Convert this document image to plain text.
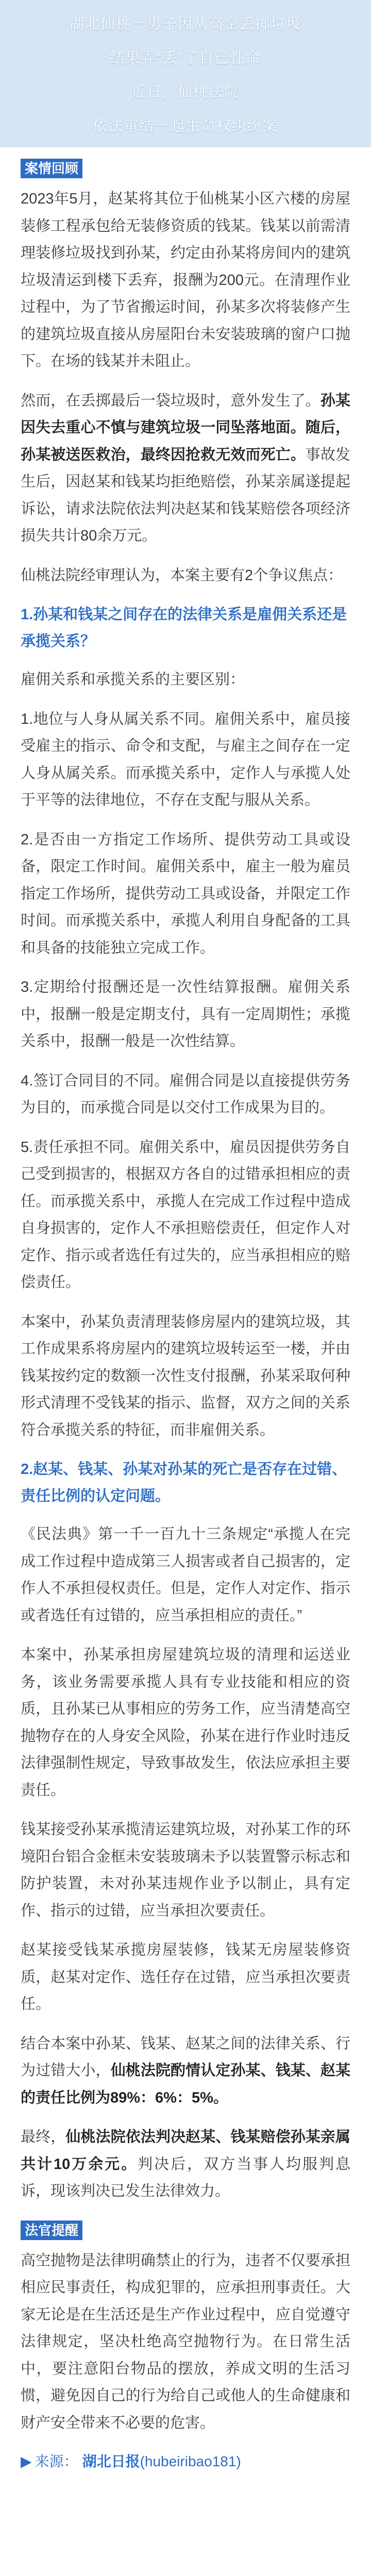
湖北仙桃一男子因从高空丢掷垃圾
结果弄“丢”了自己性命
近日，仙桃法院
依法审结一起生命权纠纷案
案情回顾

2023年5月，赵某将其位于仙桃某小区六楼的房屋装修工程承包给无装修资质的钱某。钱某以前需清理装修垃圾找到孙某，约定由孙某将房间内的建筑垃圾清运到楼下丢弃，报酬为200元。在清理作业过程中，为了节省搬运时间，孙某多次将装修产生的建筑垃圾直接从房屋阳台未安装玻璃的窗户口抛下。在场的钱某并未阻止。

然而，在丢掷最后一袋垃圾时，意外发生了。孙某因失去重心不慎与建筑垃圾一同坠落地面。随后，孙某被送医救治，最终因抢救无效而死亡。事故发生后，因赵某和钱某均拒绝赔偿，孙某亲属遂提起诉讼，请求法院依法判决赵某和钱某赔偿各项经济损失共计80余万元。

仙桃法院经审理认为，本案主要有2个争议焦点：

1.孙某和钱某之间存在的法律关系是雇佣关系还是承揽关系？

雇佣关系和承揽关系的主要区别：

1.地位与人身从属关系不同。雇佣关系中，雇员接受雇主的指示、命令和支配，与雇主之间存在一定人身从属关系。而承揽关系中，定作人与承揽人处于平等的法律地位，不存在支配与服从关系。

2.是否由一方指定工作场所、提供劳动工具或设备，限定工作时间。雇佣关系中，雇主一般为雇员指定工作场所，提供劳动工具或设备，并限定工作时间。而承揽关系中，承揽人利用自身配备的工具和具备的技能独立完成工作。

3.定期给付报酬还是一次性结算报酬。雇佣关系中，报酬一般是定期支付，具有一定周期性；承揽关系中，报酬一般是一次性结算。

4.签订合同目的不同。雇佣合同是以直接提供劳务为目的，而承揽合同是以交付工作成果为目的。

5.责任承担不同。雇佣关系中，雇员因提供劳务自己受到损害的，根据双方各自的过错承担相应的责任。而承揽关系中，承揽人在完成工作过程中造成自身损害的，定作人不承担赔偿责任，但定作人对定作、指示或者选任有过失的，应当承担相应的赔偿责任。

本案中，孙某负责清理装修房屋内的建筑垃圾，其工作成果系将房屋内的建筑垃圾转运至一楼，并由钱某按约定的数额一次性支付报酬，孙某采取何种形式清理不受钱某的指示、监督，双方之间的关系符合承揽关系的特征，而非雇佣关系。

2.赵某、钱某、孙某对孙某的死亡是否存在过错、责任比例的认定问题。

《民法典》第一千一百九十三条规定“承揽人在完成工作过程中造成第三人损害或者自己损害的，定作人不承担侵权责任。但是，定作人对定作、指示或者选任有过错的，应当承担相应的责任。”

本案中，孙某承担房屋建筑垃圾的清理和运送业务，该业务需要承揽人具有专业技能和相应的资质，且孙某已从事相应的劳务工作，应当清楚高空抛物存在的人身安全风险，孙某在进行作业时违反法律强制性规定，导致事故发生，依法应承担主要责任。

钱某接受孙某承揽清运建筑垃圾，对孙某工作的环境阳台铝合金框未安装玻璃未予以装置警示标志和防护装置，未对孙某违规作业予以制止，具有定作、指示的过错，应当承担次要责任。

赵某接受钱某承揽房屋装修，钱某无房屋装修资质，赵某对定作、选任存在过错，应当承担次要责任。

结合本案中孙某、钱某、赵某之间的法律关系、行为过错大小，仙桃法院酌情认定孙某、钱某、赵某的责任比例为89%：6%：5%。

最终，仙桃法院依法判决赵某、钱某赔偿孙某亲属共计10万余元。判决后，双方当事人均服判息诉，现该判决已发生法律效力。

法官提醒

高空抛物是法律明确禁止的行为，违者不仅要承担相应民事责任，构成犯罪的，应承担刑事责任。大家无论是在生活还是生产作业过程中，应自觉遵守法律规定，坚决杜绝高空抛物行为。在日常生活中，要注意阳台物品的摆放，养成文明的生活习惯，避免因自己的行为给自己或他人的生命健康和财产安全带来不必要的危害。

▶ 来源： 湖北日报 (hubeiribao181)
